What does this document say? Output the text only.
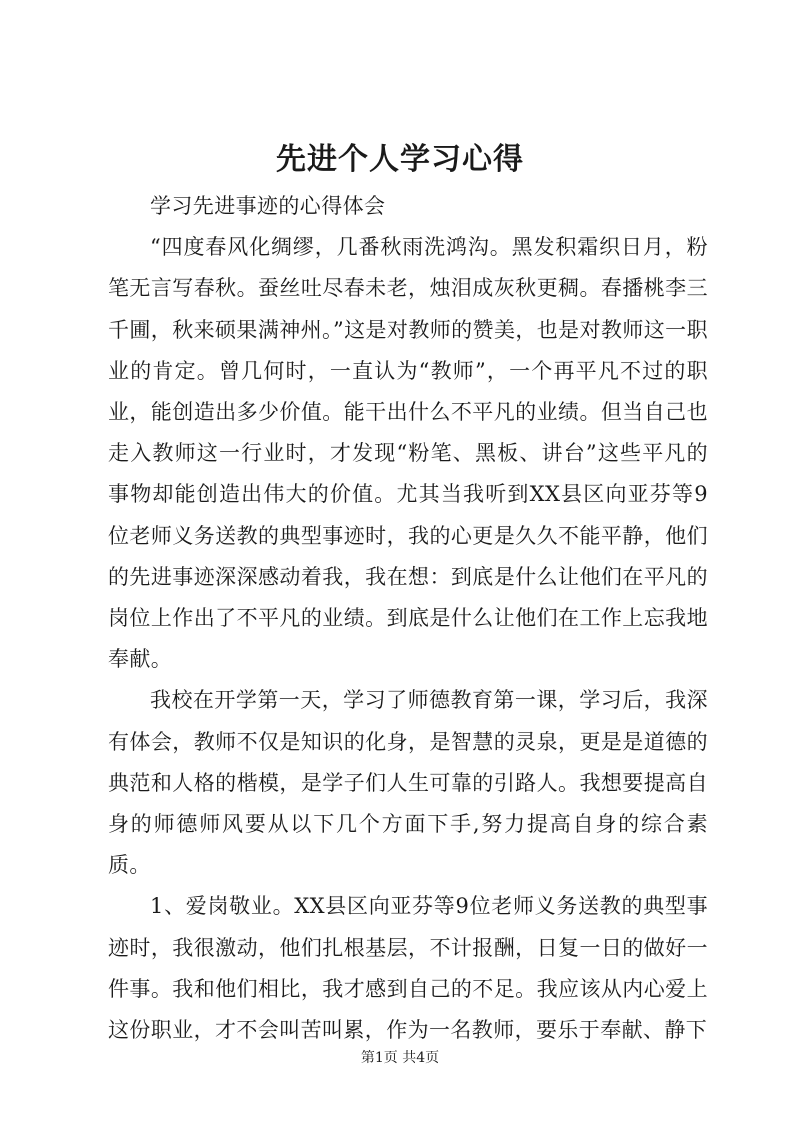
先进个人学习心得

学习先进事迹的心得体会

“四度春风化绸缪，几番秋雨洗鸿沟。黑发积霜织日月，粉笔无言写春秋。蚕丝吐尽春未老，烛泪成灰秋更稠。春播桃李三千圃，秋来硕果满神州。”这是对教师的赞美，也是对教师这一职业的肯定。曾几何时，一直认为“教师”，一个再平凡不过的职业，能创造出多少价值。能干出什么不平凡的业绩。但当自己也走入教师这一行业时，才发现“粉笔、黑板、讲台”这些平凡的事物却能创造出伟大的价值。尤其当我听到XX县区向亚芬等9位老师义务送教的典型事迹时，我的心更是久久不能平静，他们的先进事迹深深感动着我，我在想：到底是什么让他们在平凡的岗位上作出了不平凡的业绩。到底是什么让他们在工作上忘我地奉献。

我校在开学第一天，学习了师德教育第一课，学习后，我深有体会，教师不仅是知识的化身，是智慧的灵泉，更是是道德的典范和人格的楷模，是学子们人生可靠的引路人。我想要提高自身的师德师风要从以下几个方面下手,努力提高自身的综合素质。

1、爱岗敬业。XX县区向亚芬等9位老师义务送教的典型事迹时，我很激动，他们扎根基层，不计报酬，日复一日的做好一件事。我和他们相比，我才感到自己的不足。我应该从内心爱上这份职业，才不会叫苦叫累，作为一名教师，要乐于奉献、静下

第1页 共4页
